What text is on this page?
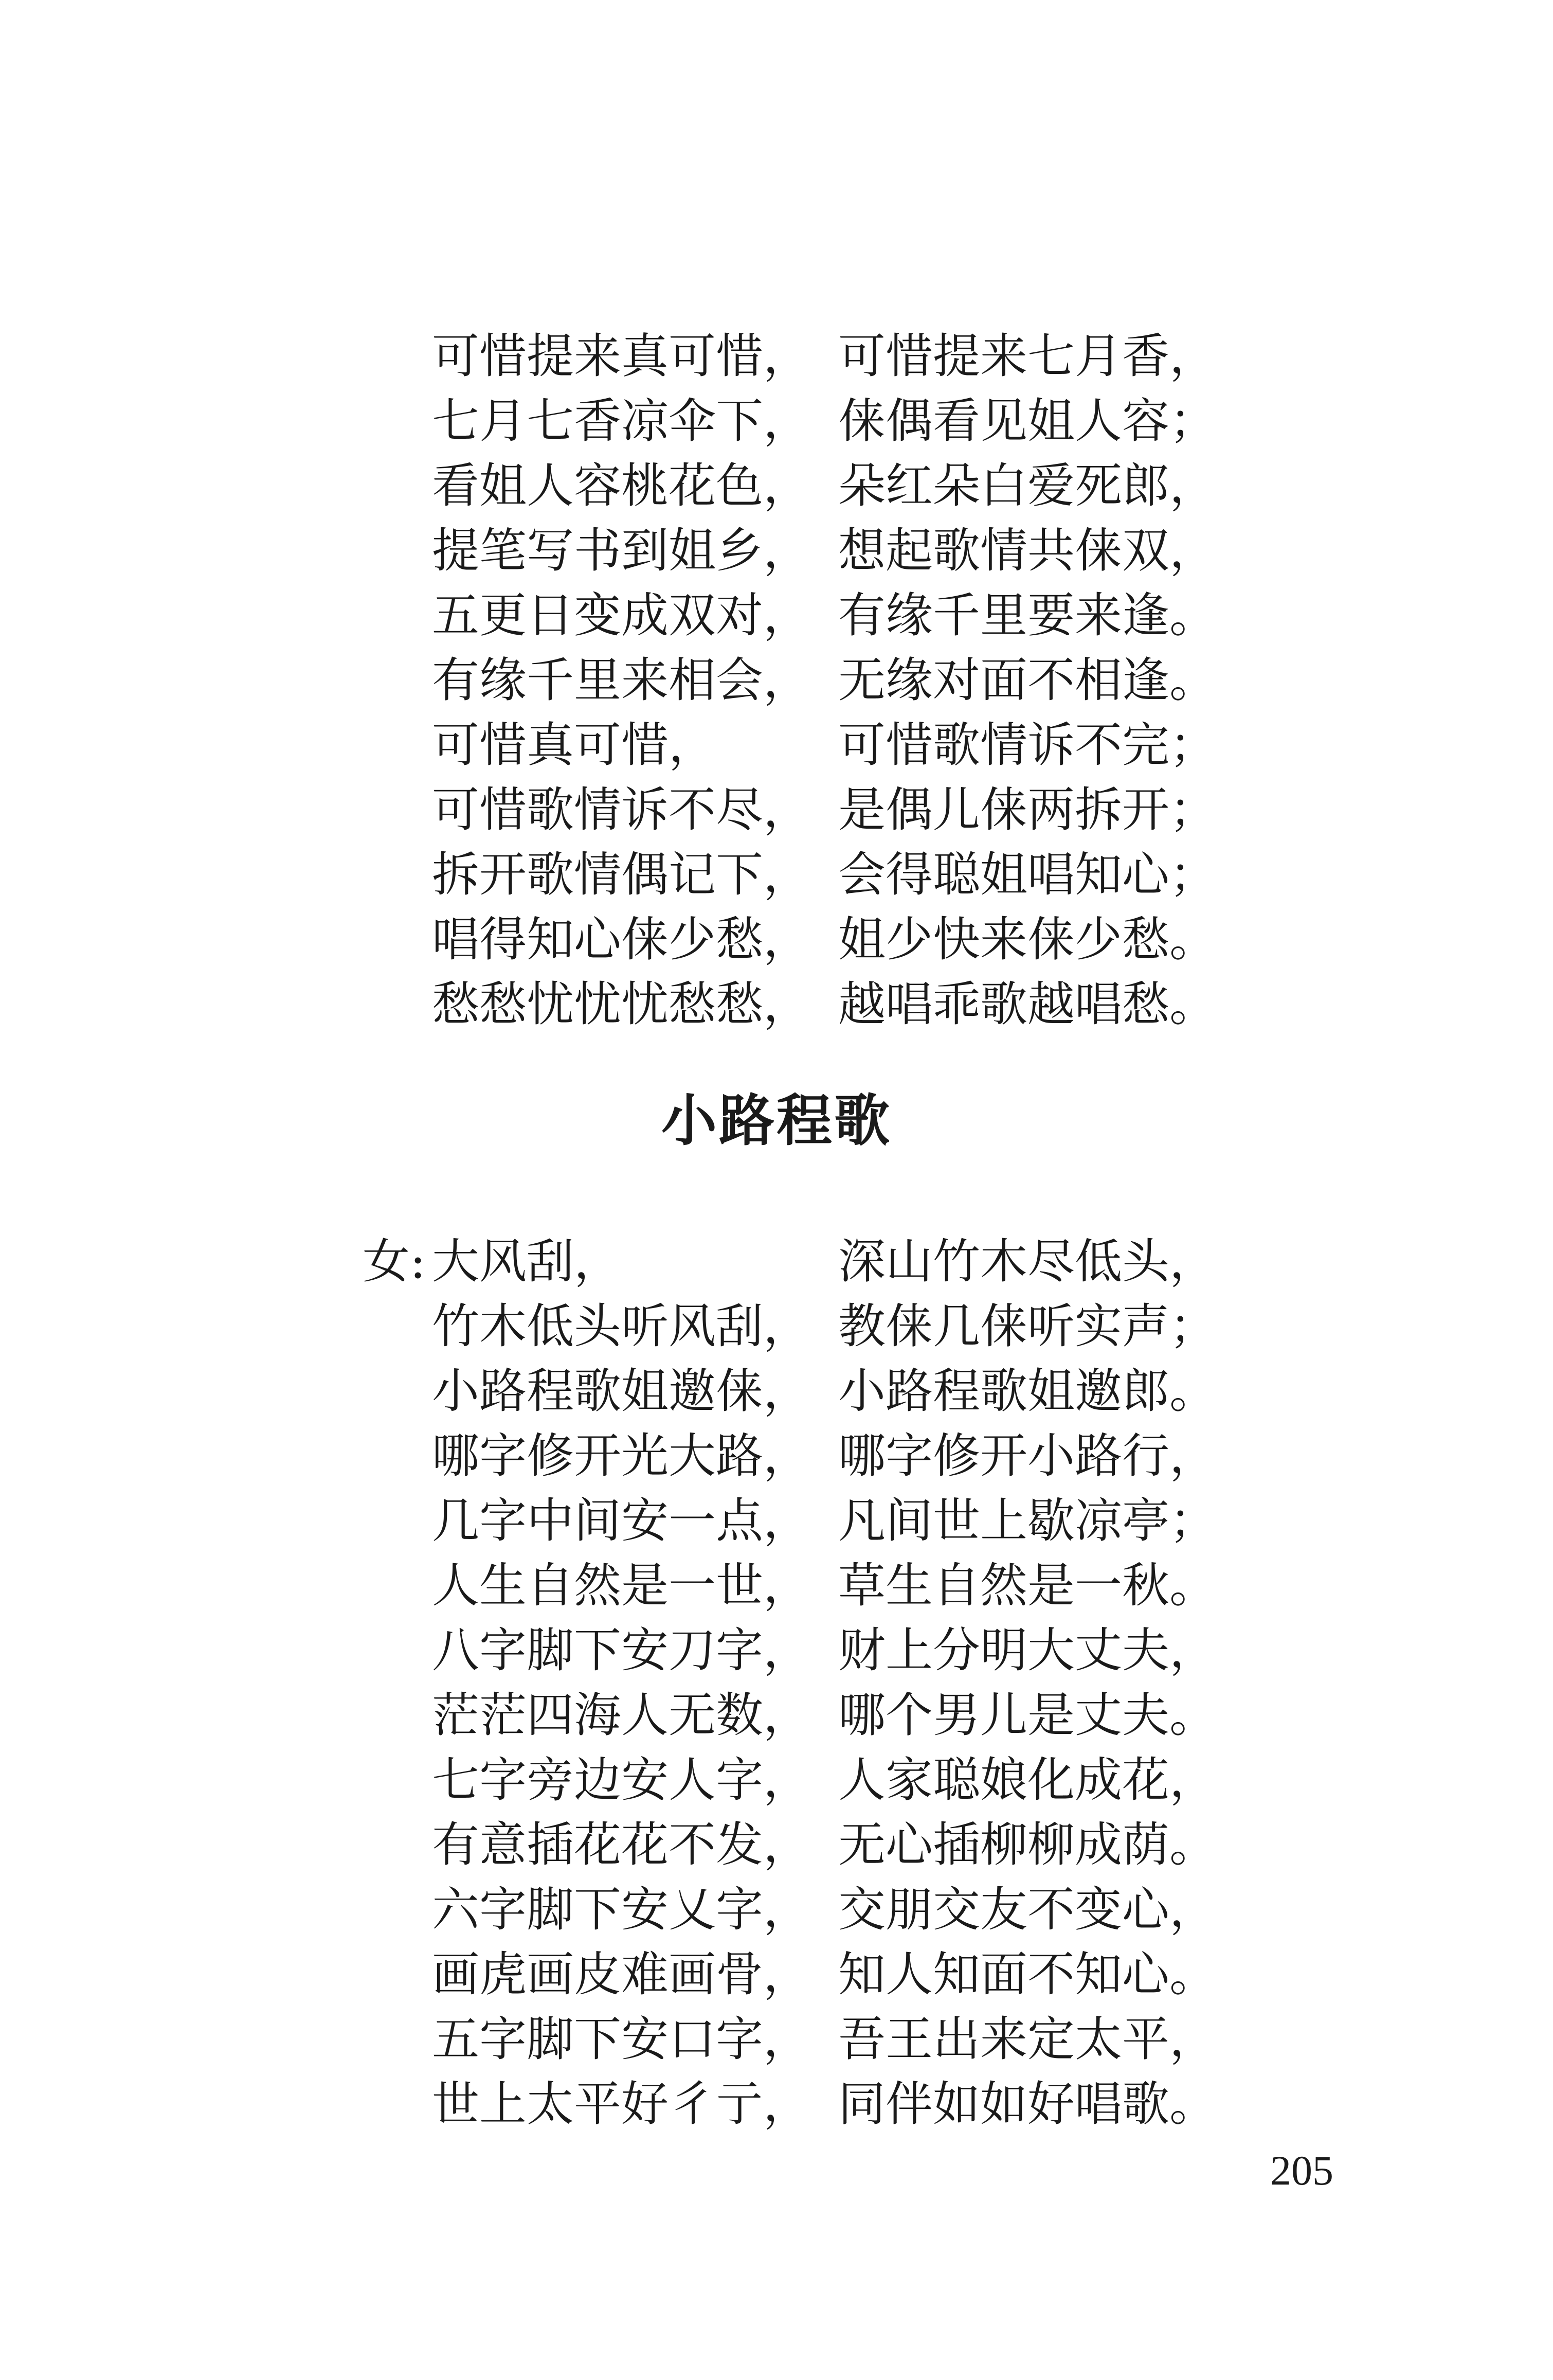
可惜提来真可惜， 可惜提来七月香，
七月七香凉伞下， 俫偶看见姐人容；
看姐人容桃花色， 朵红朵白爱死郎，
提笔写书到姐乡， 想起歌情共俫双，
五更日变成双对， 有缘千里要来逢。
有缘千里来相会， 无缘对面不相逢。
可惜真可惜，	可惜歌情诉不完；
可惜歌情诉不尽， 是偶儿俫两拆开；
拆开歌情偶记下， 会得聪姐唱知心；
唱得知心俫少愁， 姐少快来俫少愁。
愁愁忧忧忧愁愁， 越唱乖歌越唱愁。
小路程歌
女: 大风刮，	深山竹木尽低头，
竹木低头听风刮， 教俫几俫听实声；
小路程歌姐邀俫， 小路程歌姐邀郎。
哪字修开光大路， 哪字修开小路行，
几字中间安一点， 凡间世上歇凉亭；
人生自然是一世， 草生自然是一秋。
八字脚下安刀字， 财上分明大丈夫，
茫茫四海人无数， 哪个男儿是丈夫。
七字旁边安人字， 人家聪娘化成花，
有意插花花不发， 无心插柳柳成荫。
六字脚下安乂字， 交朋交友不变心，
画虎画皮难画骨， 知人知面不知心。
五字脚下安口字， 吾王出来定太平，
世上太平好彳亍， 同伴如如好唱歌。
205
